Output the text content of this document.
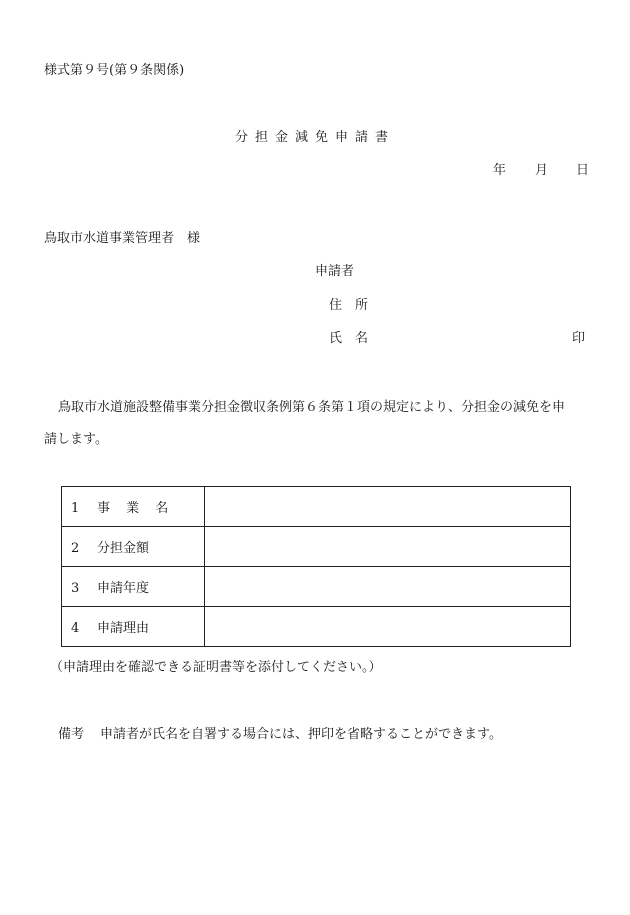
様式第９号(第９条関係)
分担金減免申請書
年 月 日
鳥取市水道事業管理者　様
申請者
住　所
氏　名	印
鳥取市水道施設整備事業分担金徴収条例第６条第１項の規定により、分担金の減免を申
請します。
1 事 業 名	
2 分担金額	
3 申請年度	
4 申請理由	
（申請理由を確認できる証明書等を添付してください。）
備考 申請者が氏名を自署する場合には、押印を省略することができます。
